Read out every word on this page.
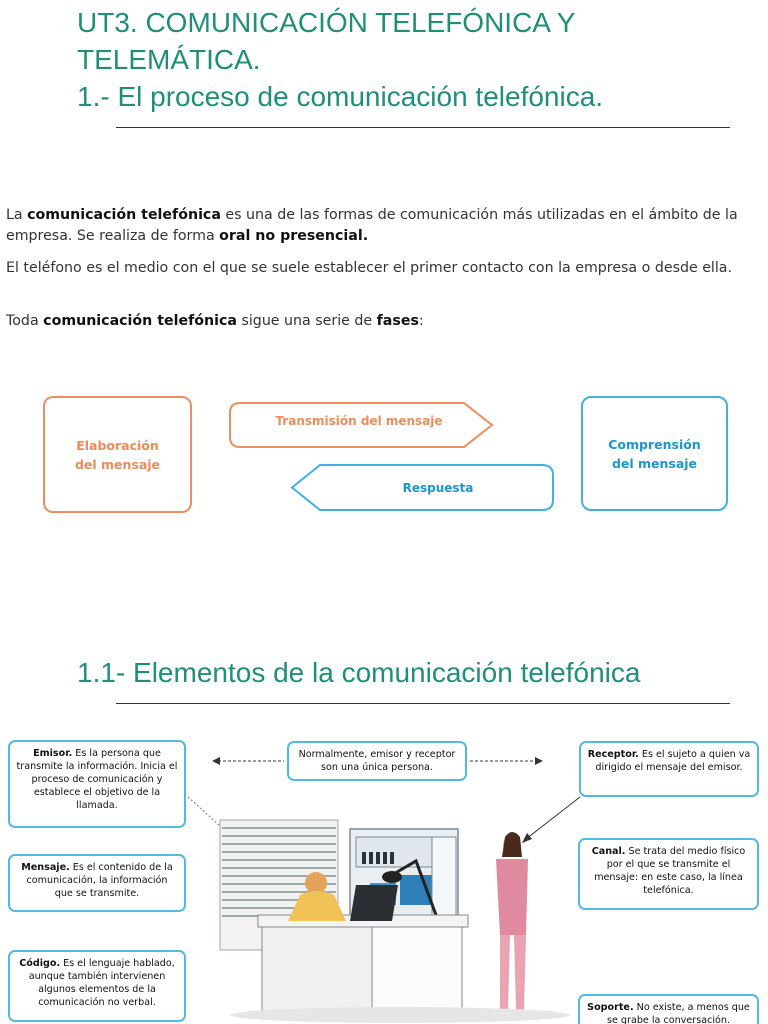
UT3. COMUNICACIÓN TELEFÓNICA Y
TELEMÁTICA.
1.- El proceso de comunicación telefónica.
La comunicación telefónica es una de las formas de comunicación más utilizadas en el ámbito de la empresa. Se realiza de forma oral no presencial.
El teléfono es el medio con el que se suele establecer el primer contacto con la empresa o desde ella.
Toda comunicación telefónica sigue una serie de fases:
Elaboración
del mensaje
Transmisión del mensaje
Respuesta
Comprensión
del mensaje
1.1- Elementos de la comunicación telefónica
Emisor. Es la persona que transmite la información. Inicia el proceso de comunicación y establece el objetivo de la llamada.
Normalmente, emisor y receptor son una única persona.
Receptor. Es el sujeto a quien va dirigido el mensaje del emisor.
Mensaje. Es el contenido de la comunicación, la información que se transmite.
Canal. Se trata del medio físico por el que se transmite el mensaje: en este caso, la línea telefónica.
Código. Es el lenguaje hablado, aunque también intervienen algunos elementos de la comunicación no verbal.	Soporte. No existe, a menos que se grabe la conversación.
